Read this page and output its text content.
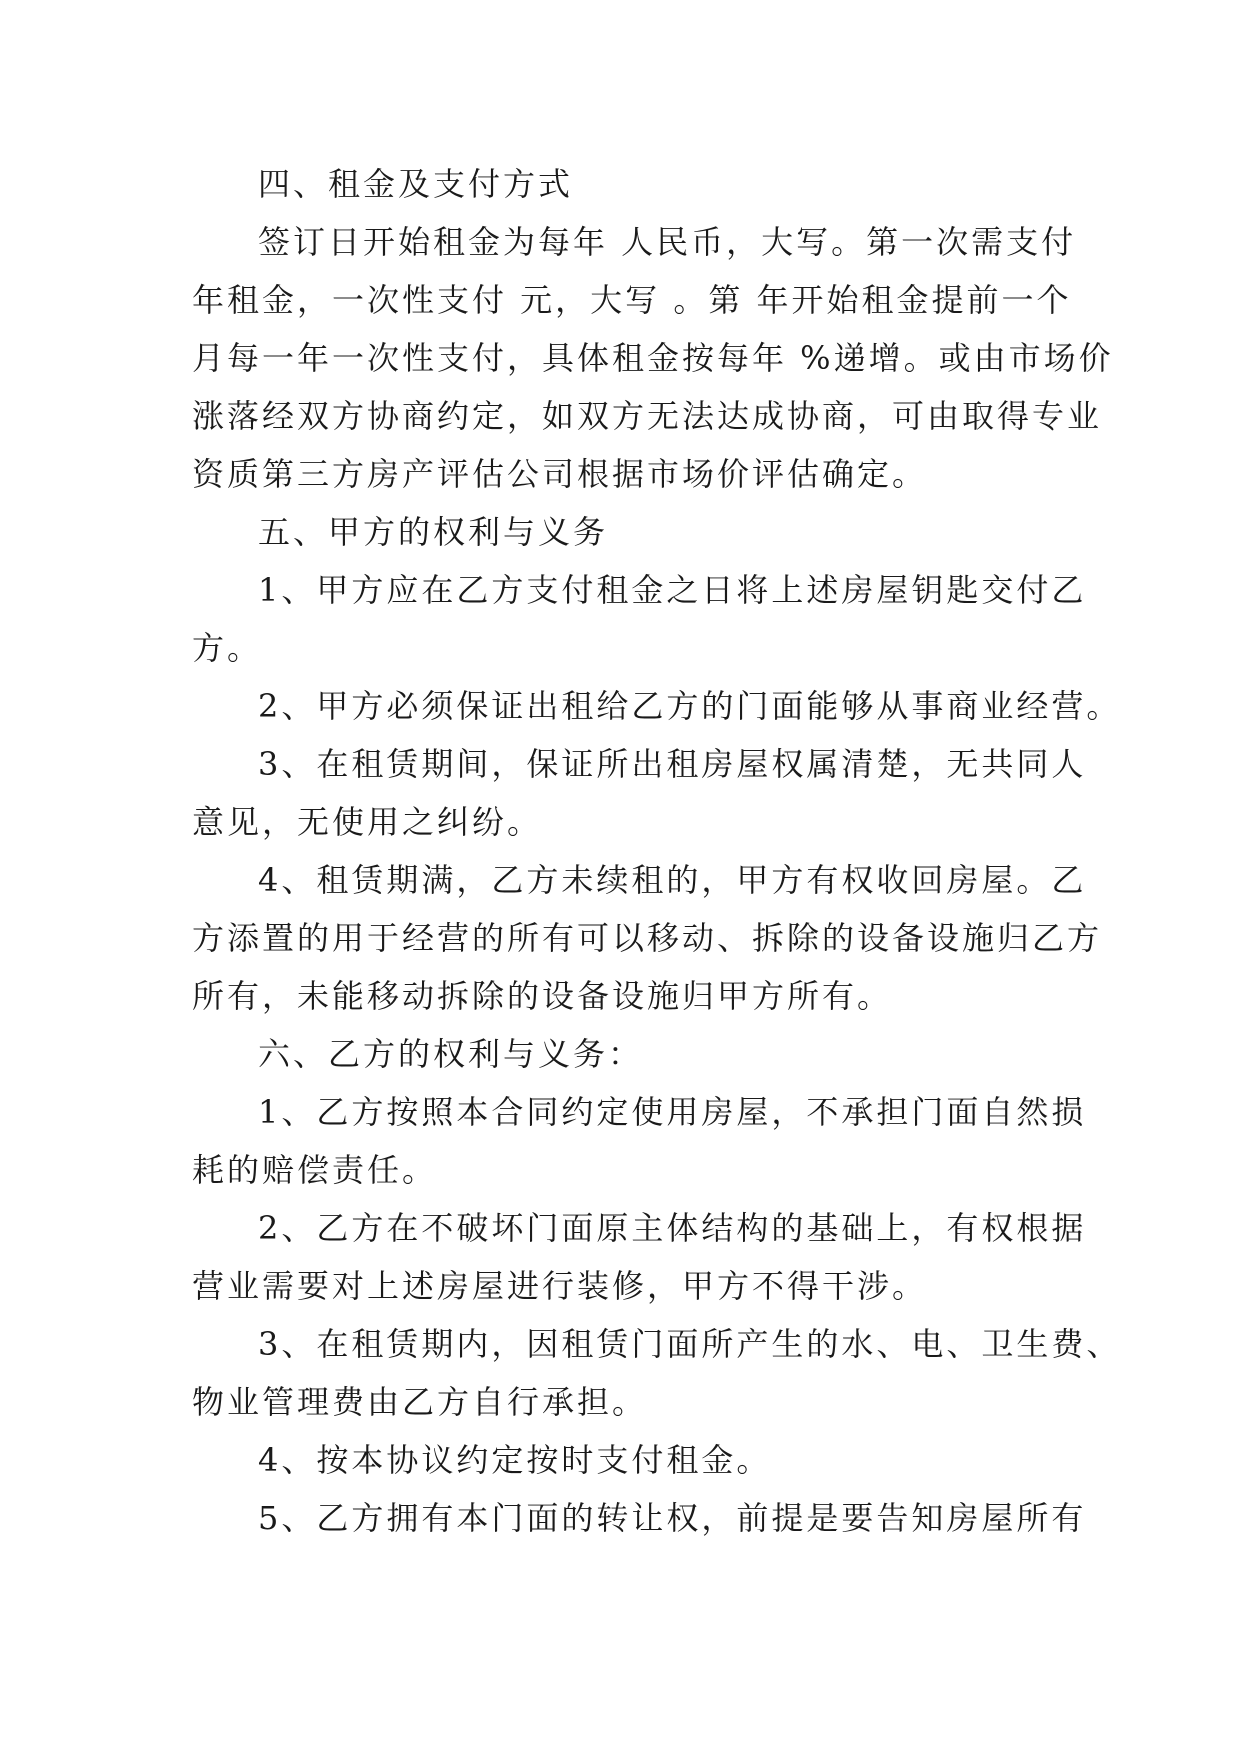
四、租金及支付方式
签订日开始租金为每年 人民币，大写。第一次需支付
年租金，一次性支付 元，大写 。第 年开始租金提前一个
月每一年一次性支付，具体租金按每年 %递增。或由市场价
涨落经双方协商约定，如双方无法达成协商，可由取得专业
资质第三方房产评估公司根据市场价评估确定。
五、甲方的权利与义务
1、甲方应在乙方支付租金之日将上述房屋钥匙交付乙
方。
2、甲方必须保证出租给乙方的门面能够从事商业经营。
3、在租赁期间，保证所出租房屋权属清楚，无共同人
意见，无使用之纠纷。
4、租赁期满，乙方未续租的，甲方有权收回房屋。乙
方添置的用于经营的所有可以移动、拆除的设备设施归乙方
所有，未能移动拆除的设备设施归甲方所有。
六、乙方的权利与义务：
1、乙方按照本合同约定使用房屋，不承担门面自然损
耗的赔偿责任。
2、乙方在不破坏门面原主体结构的基础上，有权根据
营业需要对上述房屋进行装修，甲方不得干涉。
3、在租赁期内，因租赁门面所产生的水、电、卫生费、
物业管理费由乙方自行承担。
4、按本协议约定按时支付租金。
5、乙方拥有本门面的转让权，前提是要告知房屋所有
